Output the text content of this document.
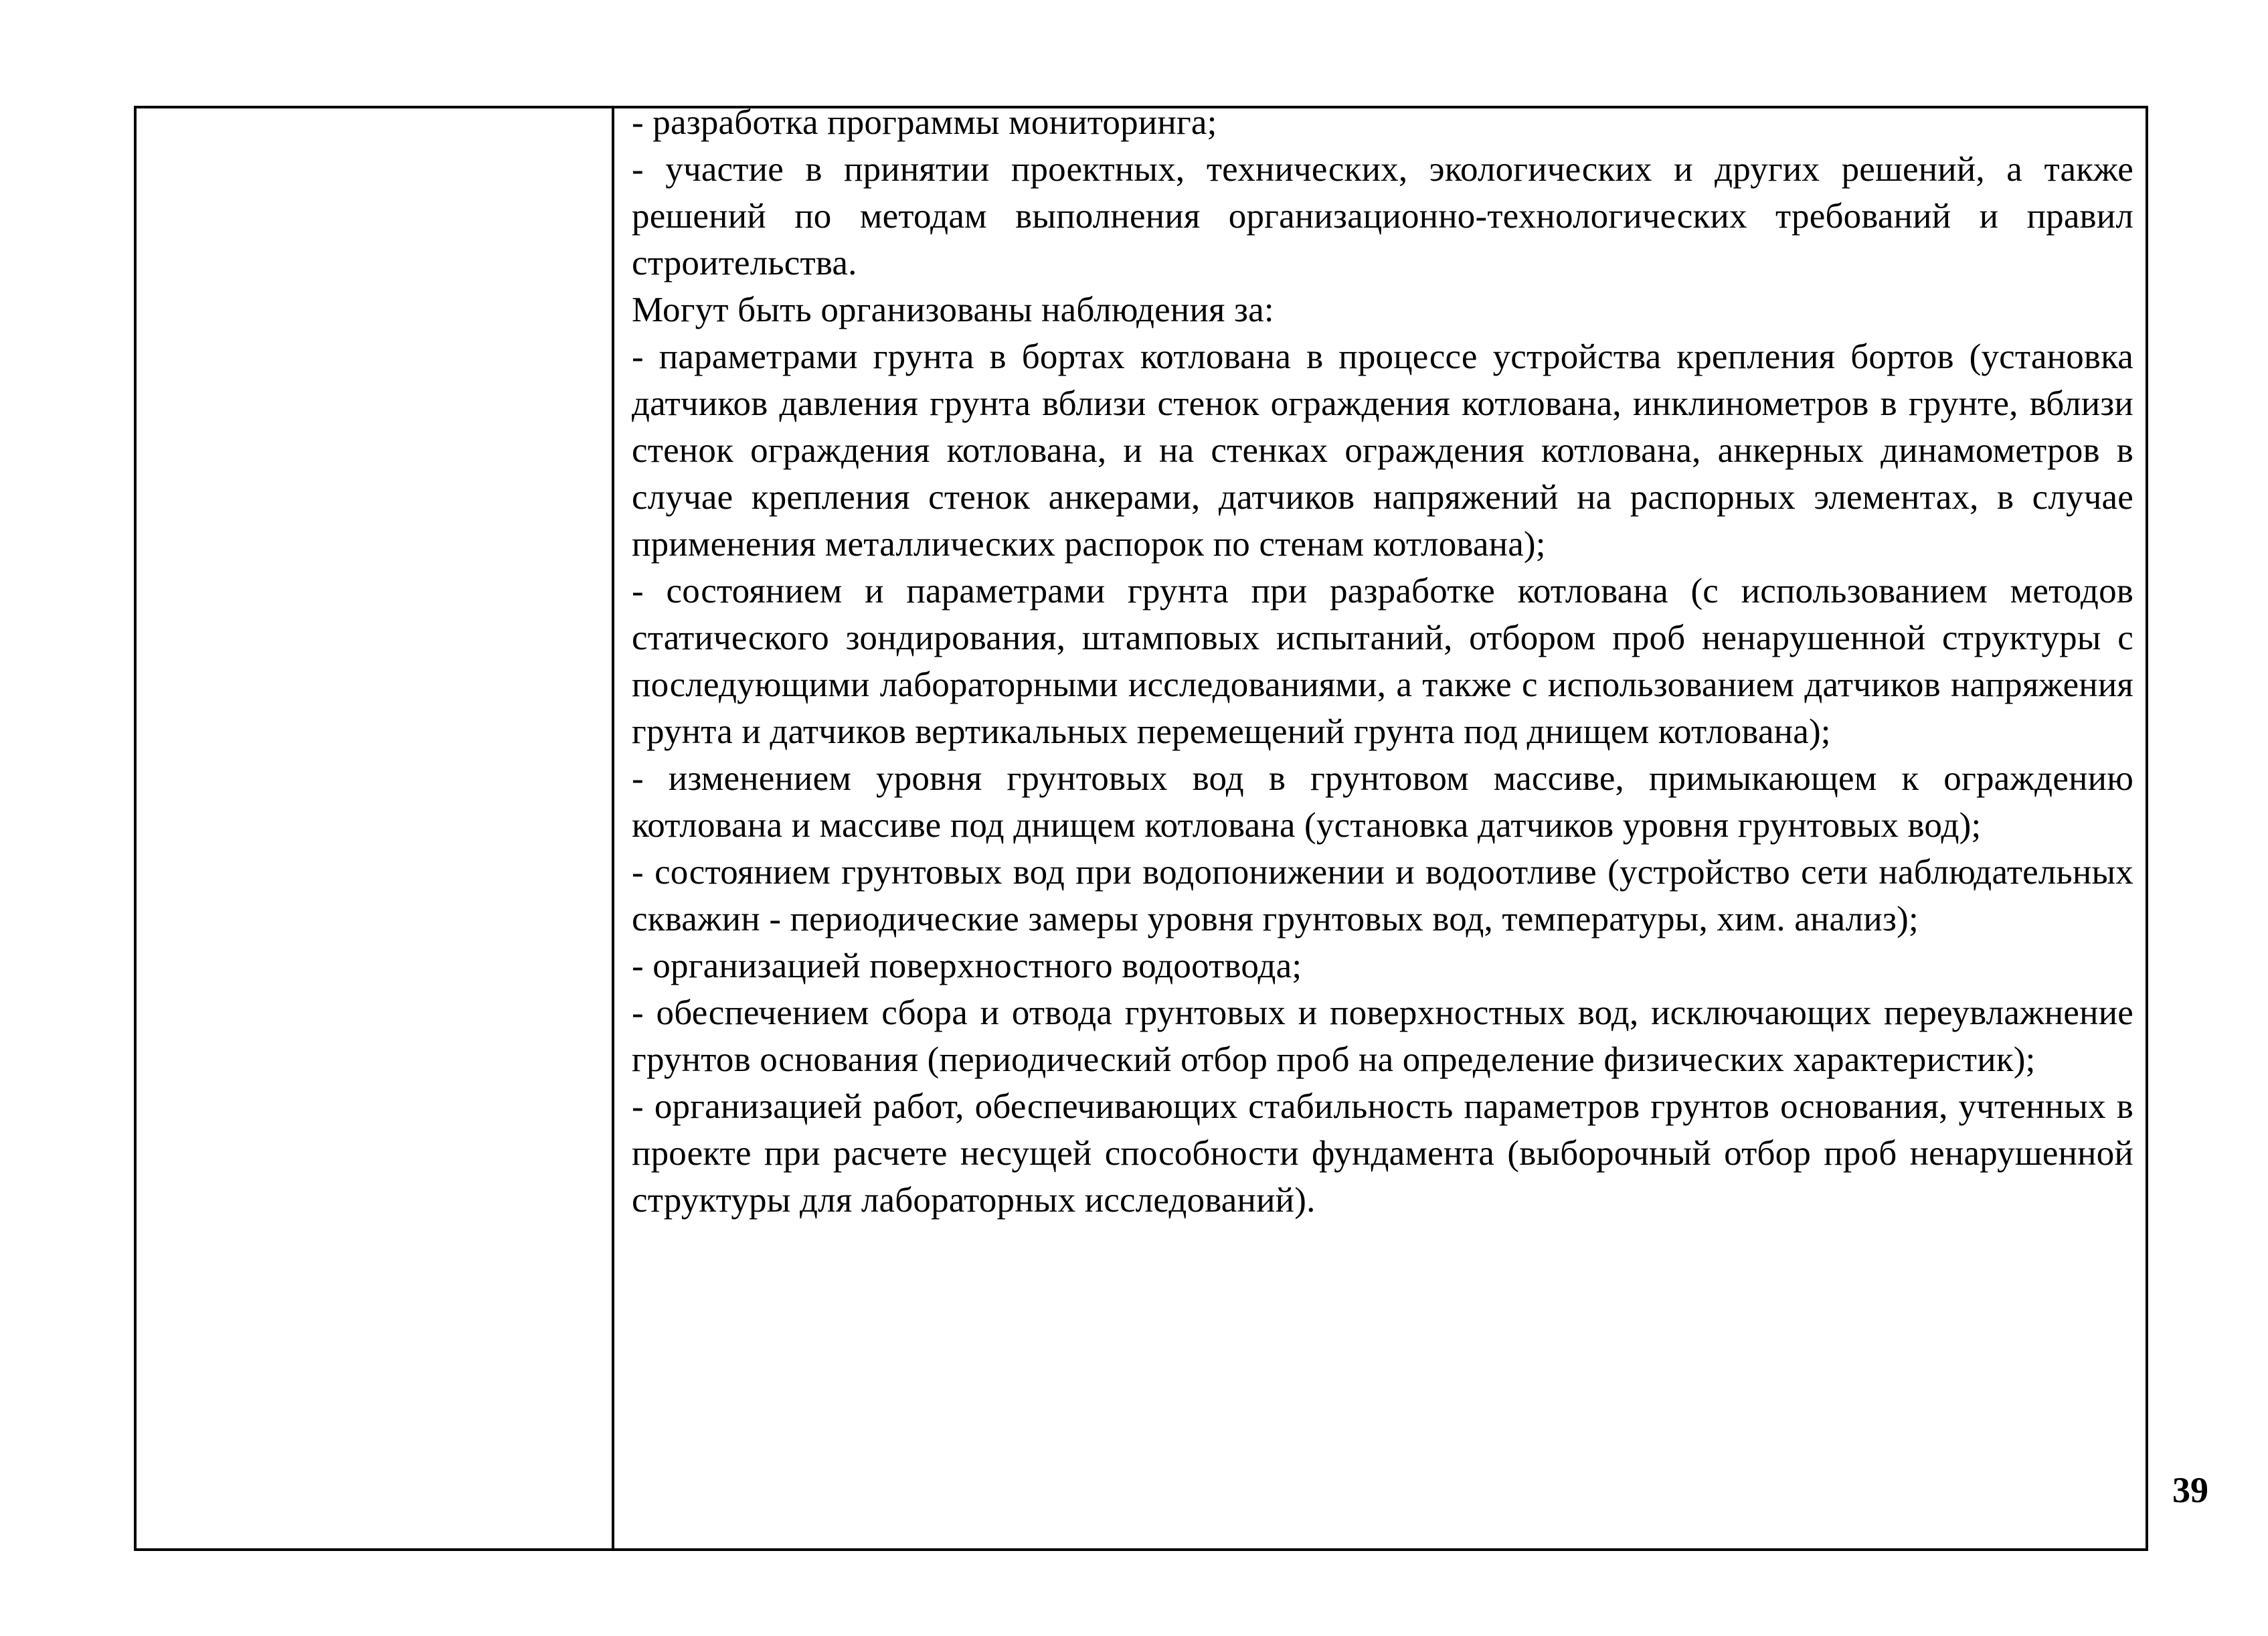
- разработка программы мониторинга;

- участие в принятии проектных, технических, экологических и других решений, а также решений по методам выполнения организационно-технологических требований и правил строительства.

Могут быть организованы наблюдения за:

- параметрами грунта в бортах котлована в процессе устройства крепления бортов (установка датчиков давления грунта вблизи стенок ограждения котлована, инклинометров в грунте, вблизи стенок ограждения котлована, и на стенках ограждения котлована, анкерных динамометров в случае крепления стенок анкерами, датчиков напряжений на распорных элементах, в случае применения металлических распорок по стенам котлована);

- состоянием и параметрами грунта при разработке котлована (с использованием методов статического зондирования, штамповых испытаний, отбором проб ненарушенной структуры с последующими лабораторными исследованиями, а также с использованием датчиков напряжения грунта и датчиков вертикальных перемещений грунта под днищем котлована);

- изменением уровня грунтовых вод в грунтовом массиве, примыкающем к ограждению котлована и массиве под днищем котлована (установка датчиков уровня грунтовых вод);

- состоянием грунтовых вод при водопонижении и водоотливе (устройство сети наблюдательных скважин - периодические замеры уровня грунтовых вод, температуры, хим. анализ);

- организацией поверхностного водоотвода;

- обеспечением сбора и отвода грунтовых и поверхностных вод, исключающих переувлажнение грунтов основания (периодический отбор проб на определение физических характеристик);

- организацией работ, обеспечивающих стабильность параметров грунтов основания, учтенных в проекте при расчете несущей способности фундамента (выборочный отбор проб ненарушенной структуры для лабораторных исследований).

39
